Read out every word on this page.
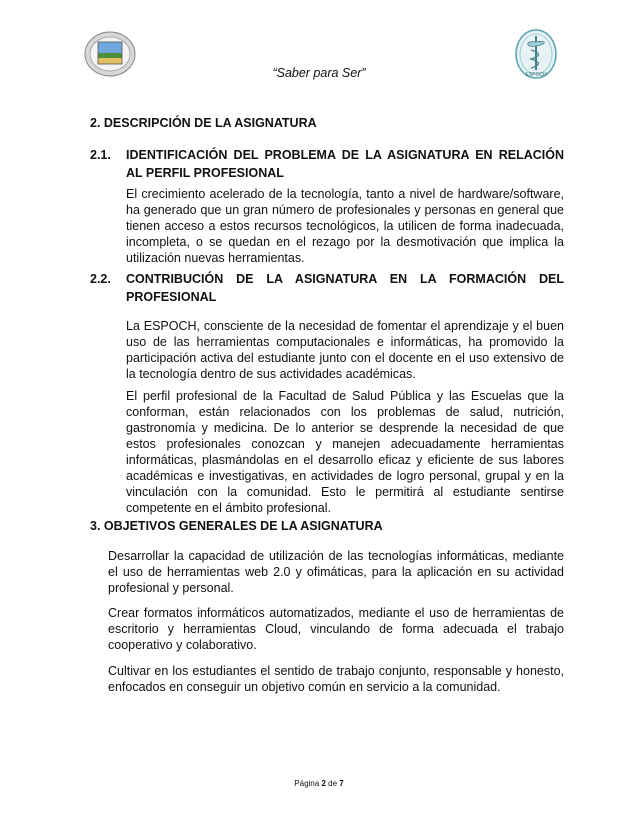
ESPOCH
“Saber para Ser”
2. DESCRIPCIÓN DE LA ASIGNATURA
2.1. IDENTIFICACIÓN DEL PROBLEMA DE LA ASIGNATURA EN RELACIÓN AL PERFIL PROFESIONAL
El crecimiento acelerado de la tecnología, tanto a nivel de hardware/software, ha generado que un gran número de profesionales y personas en general que tienen acceso a estos recursos tecnológicos, la utilicen de forma inadecuada, incompleta, o se quedan en el rezago por la desmotivación que implica la utilización nuevas herramientas.
2.2. CONTRIBUCIÓN DE LA ASIGNATURA EN LA FORMACIÓN DEL PROFESIONAL
La ESPOCH, consciente de la necesidad de fomentar el aprendizaje y el buen uso de las herramientas computacionales e informáticas, ha promovido la participación activa del estudiante junto con el docente en el uso extensivo de la tecnología dentro de sus actividades académicas.
El perfil profesional de la Facultad de Salud Pública y las Escuelas que la conforman, están relacionados con los problemas de salud, nutrición, gastronomía y medicina. De lo anterior se desprende la necesidad de que estos profesionales conozcan y manejen adecuadamente herramientas informáticas, plasmándolas en el desarrollo eficaz y eficiente de sus labores académicas e investigativas, en actividades de logro personal, grupal y en la vinculación con la comunidad. Esto le permitirá al estudiante sentirse competente en el ámbito profesional.
3. OBJETIVOS GENERALES DE LA ASIGNATURA
Desarrollar la capacidad de utilización de las tecnologías informáticas, mediante el uso de herramientas web 2.0 y ofimáticas, para la aplicación en su actividad profesional y personal.
Crear formatos informáticos automatizados, mediante el uso de herramientas de escritorio y herramientas Cloud, vinculando de forma adecuada el trabajo cooperativo y colaborativo.
Cultivar en los estudiantes el sentido de trabajo conjunto, responsable y honesto, enfocados en conseguir un objetivo común en servicio a la comunidad.
Página 2 de 7
